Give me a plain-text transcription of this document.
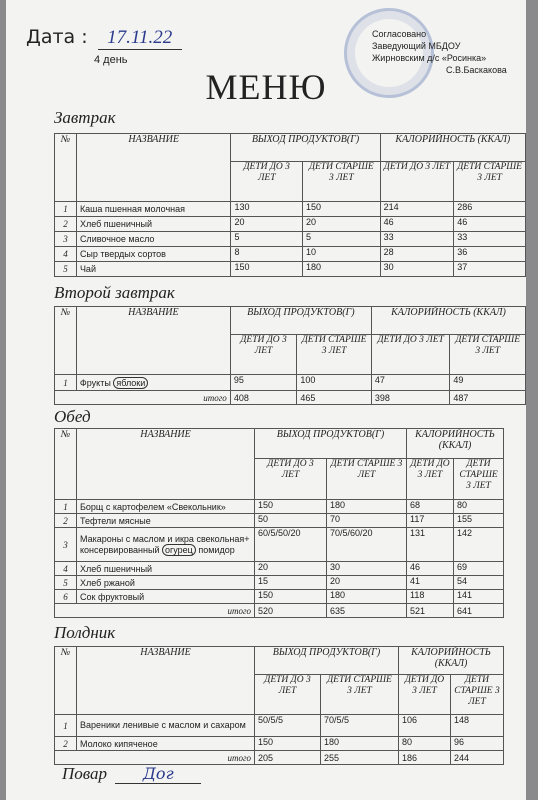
Дата : 17.11.22
4 день
Согласовано
Заведующий МБДОУ
Жирновским д/с «Росинка»
С.В.Баскакова
МЕНЮ
Повар Дог
Завтрак
№	НАЗВАНИЕ	ВЫХОД ПРОДУКТОВ(Г)		КАЛОРИЙНОСТЬ (ККАЛ)	
		ДЕТИ ДО 3 ЛЕТ	ДЕТИ СТАРШЕ 3 ЛЕТ	ДЕТИ ДО 3 ЛЕТ	ДЕТИ СТАРШЕ 3 ЛЕТ
1	Каша пшенная молочная	130	150	214	286
2	Хлеб пшеничный	20	20	46	46
3	Сливочное масло	5	5	33	33
4	Сыр твердых сортов	8	10	28	36
5	Чай	150	180	30	37
Второй завтрак
№	НАЗВАНИЕ	ВЫХОД ПРОДУКТОВ(Г)		КАЛОРИЙНОСТЬ (ККАЛ)	
		ДЕТИ ДО 3 ЛЕТ	ДЕТИ СТАРШЕ 3 ЛЕТ	ДЕТИ ДО 3 ЛЕТ	ДЕТИ СТАРШЕ 3 ЛЕТ
1	Фрукты яблоки	95	100	47	49
итого		408	465	398	487
Обед
№	НАЗВАНИЕ	ВЫХОД ПРОДУКТОВ(Г)		КАЛОРИЙНОСТЬ (ККАЛ)	
		ДЕТИ ДО 3 ЛЕТ	ДЕТИ СТАРШЕ 3 ЛЕТ	ДЕТИ ДО 3 ЛЕТ	ДЕТИ СТАРШЕ 3 ЛЕТ
1	Борщ с картофелем «Свекольник»	150	180	68	80
2	Тефтели мясные	50	70	117	155
3	Макароны с маслом и икра свекольная+ консервированный огурец помидор	60/5/50/20	70/5/60/20	131	142
4	Хлеб пшеничный	20	30	46	69
5	Хлеб ржаной	15	20	41	54
6	Сок фруктовый	150	180	118	141
итого		520	635	521	641
Полдник
№	НАЗВАНИЕ	ВЫХОД ПРОДУКТОВ(Г)		КАЛОРИЙНОСТЬ (ККАЛ)	
		ДЕТИ ДО 3 ЛЕТ	ДЕТИ СТАРШЕ 3 ЛЕТ	ДЕТИ ДО 3 ЛЕТ	ДЕТИ СТАРШЕ 3 ЛЕТ
1	Вареники ленивые с маслом и сахаром	50/5/5	70/5/5	106	148
2	Молоко кипяченое	150	180	80	96
итого		205	255	186	244
